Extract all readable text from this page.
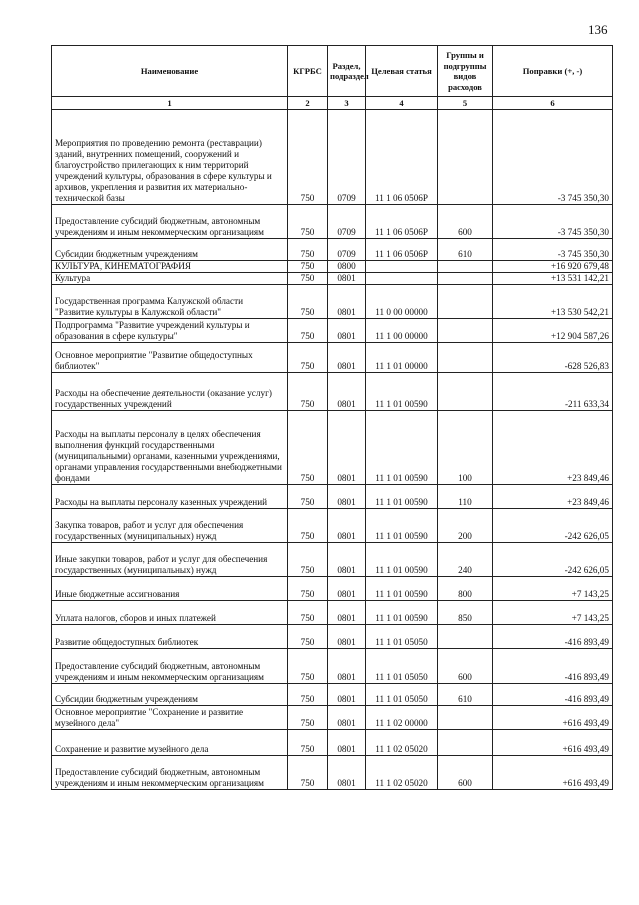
136
Наименование	КГРБС	Раздел, подраздел	Целевая статья	Группы и подгруппы видов расходов	Поправки (+, -)
1	2	3	4	5	6
Мероприятия по проведению ремонта (реставрации) зданий, внутренних помещений, сооружений и благоустройство прилегающих к ним территорий учреждений культуры, образования в сфере культуры и архивов, укрепления и развития их материально-технической базы	750	0709	11 1 06 0506P		-3 745 350,30
Предоставление субсидий бюджетным, автономным учреждениям и иным некоммерческим организациям	750	0709	11 1 06 0506P	600	-3 745 350,30
Субсидии бюджетным учреждениям	750	0709	11 1 06 0506P	610	-3 745 350,30
КУЛЬТУРА, КИНЕМАТОГРАФИЯ	750	0800			+16 920 679,48
Культура	750	0801			+13 531 142,21
Государственная программа Калужской области "Развитие культуры в Калужской области"	750	0801	11 0 00 00000		+13 530 542,21
Подпрограмма "Развитие учреждений культуры и образования в сфере культуры"	750	0801	11 1 00 00000		+12 904 587,26
Основное мероприятие "Развитие общедоступных библиотек"	750	0801	11 1 01 00000		-628 526,83
Расходы на обеспечение деятельности (оказание услуг) государственных учреждений	750	0801	11 1 01 00590		-211 633,34
Расходы на выплаты персоналу в целях обеспечения выполнения функций государственными (муниципальными) органами, казенными учреждениями, органами управления государственными внебюджетными фондами	750	0801	11 1 01 00590	100	+23 849,46
Расходы на выплаты персоналу казенных учреждений	750	0801	11 1 01 00590	110	+23 849,46
Закупка товаров, работ и услуг для обеспечения государственных (муниципальных) нужд	750	0801	11 1 01 00590	200	-242 626,05
Иные закупки товаров, работ и услуг для обеспечения государственных (муниципальных) нужд	750	0801	11 1 01 00590	240	-242 626,05
Иные бюджетные ассигнования	750	0801	11 1 01 00590	800	+7 143,25
Уплата налогов, сборов и иных платежей	750	0801	11 1 01 00590	850	+7 143,25
Развитие общедоступных библиотек	750	0801	11 1 01 05050		-416 893,49
Предоставление субсидий бюджетным, автономным учреждениям и иным некоммерческим организациям	750	0801	11 1 01 05050	600	-416 893,49
Субсидии бюджетным учреждениям	750	0801	11 1 01 05050	610	-416 893,49
Основное мероприятие "Сохранение и развитие музейного дела"	750	0801	11 1 02 00000		+616 493,49
Сохранение и развитие музейного дела	750	0801	11 1 02 05020		+616 493,49
Предоставление субсидий бюджетным, автономным учреждениям и иным некоммерческим организациям	750	0801	11 1 02 05020	600	+616 493,49
